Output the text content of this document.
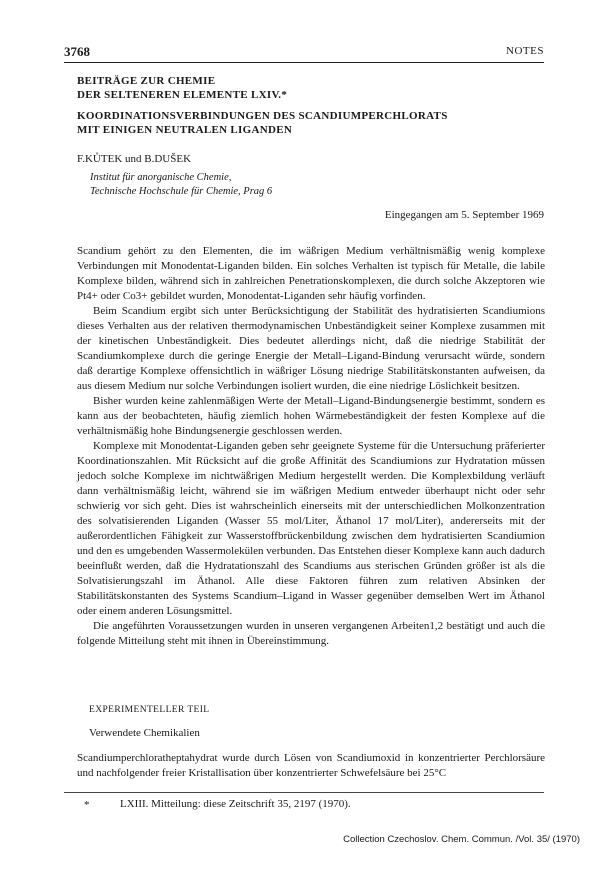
3768	NOTES

BEITRÄGE ZUR CHEMIE

DER SELTENEREN ELEMENTE LXIV.*

KOORDINATIONSVERBINDUNGEN DES SCANDIUMPERCHLORATS

MIT EINIGEN NEUTRALEN LIGANDEN

F.KŮTEK und B.DUŠEK
Institut für anorganische Chemie,
Technische Hochschule für Chemie, Prag 6
Eingegangen am 5. September 1969

Scandium gehört zu den Elementen, die im wäßrigen Medium verhältnismäßig wenig komplexe Verbindungen mit Monodentat-Liganden bilden. Ein solches Verhalten ist typisch für Metalle, die labile Komplexe bilden, während sich in zahlreichen Penetrationskomplexen, die durch solche Akzeptoren wie Pt4+ oder Co3+ gebildet wurden, Monodentat-Liganden sehr häufig vorfinden.

Beim Scandium ergibt sich unter Berücksichtigung der Stabilität des hydratisierten Scandiumions dieses Verhalten aus der relativen thermodynamischen Unbeständigkeit seiner Komplexe zusammen mit der kinetischen Unbeständigkeit. Dies bedeutet allerdings nicht, daß die niedrige Stabilität der Scandiumkomplexe durch die geringe Energie der Metall–Ligand-Bindung verursacht würde, sondern daß derartige Komplexe offensichtlich in wäßriger Lösung niedrige Stabilitätskonstanten aufweisen, da aus diesem Medium nur solche Verbindungen isoliert wurden, die eine niedrige Löslichkeit besitzen.

Bisher wurden keine zahlenmäßigen Werte der Metall–Ligand-Bindungsenergie bestimmt, sondern es kann aus der beobachteten, häufig ziemlich hohen Wärmebeständigkeit der festen Komplexe auf die verhältnismäßig hohe Bindungsenergie geschlossen werden.

Komplexe mit Monodentat-Liganden geben sehr geeignete Systeme für die Untersuchung präferierter Koordinationszahlen. Mit Rücksicht auf die große Affinität des Scandiumions zur Hydratation müssen jedoch solche Komplexe im nichtwäßrigen Medium hergestellt werden. Die Komplexbildung verläuft dann verhältnismäßig leicht, während sie im wäßrigen Medium entweder überhaupt nicht oder sehr schwierig vor sich geht. Dies ist wahrscheinlich einerseits mit der unterschiedlichen Molkonzentration des solvatisierenden Liganden (Wasser 55 mol/Liter, Äthanol 17 mol/Liter), andererseits mit der außerordentlichen Fähigkeit zur Wasserstoffbrückenbildung zwischen dem hydratisierten Scandiumion und den es umgebenden Wassermolekülen verbunden. Das Entstehen dieser Komplexe kann auch dadurch beeinflußt werden, daß die Hydratationszahl des Scandiums aus sterischen Gründen größer ist als die Solvatisierungszahl im Äthanol. Alle diese Faktoren führen zum relativen Absinken der Stabilitätskonstanten des Systems Scandium–Ligand in Wasser gegenüber demselben Wert im Äthanol oder einem anderen Lösungsmittel.

Die angeführten Voraussetzungen wurden in unseren vergangenen Arbeiten1,2 bestätigt und auch die folgende Mitteilung steht mit ihnen in Übereinstimmung.

EXPERIMENTELLER TEIL
Verwendete Chemikalien

Scandiumperchloratheptahydrat wurde durch Lösen von Scandiumoxid in konzentrierter Perchlorsäure und nachfolgender freier Kristallisation über konzentrierter Schwefelsäure bei 25°C

*	LXIII. Mitteilung: diese Zeitschrift 35, 2197 (1970).
Collection Czechoslov. Chem. Commun. /Vol. 35/ (1970)
